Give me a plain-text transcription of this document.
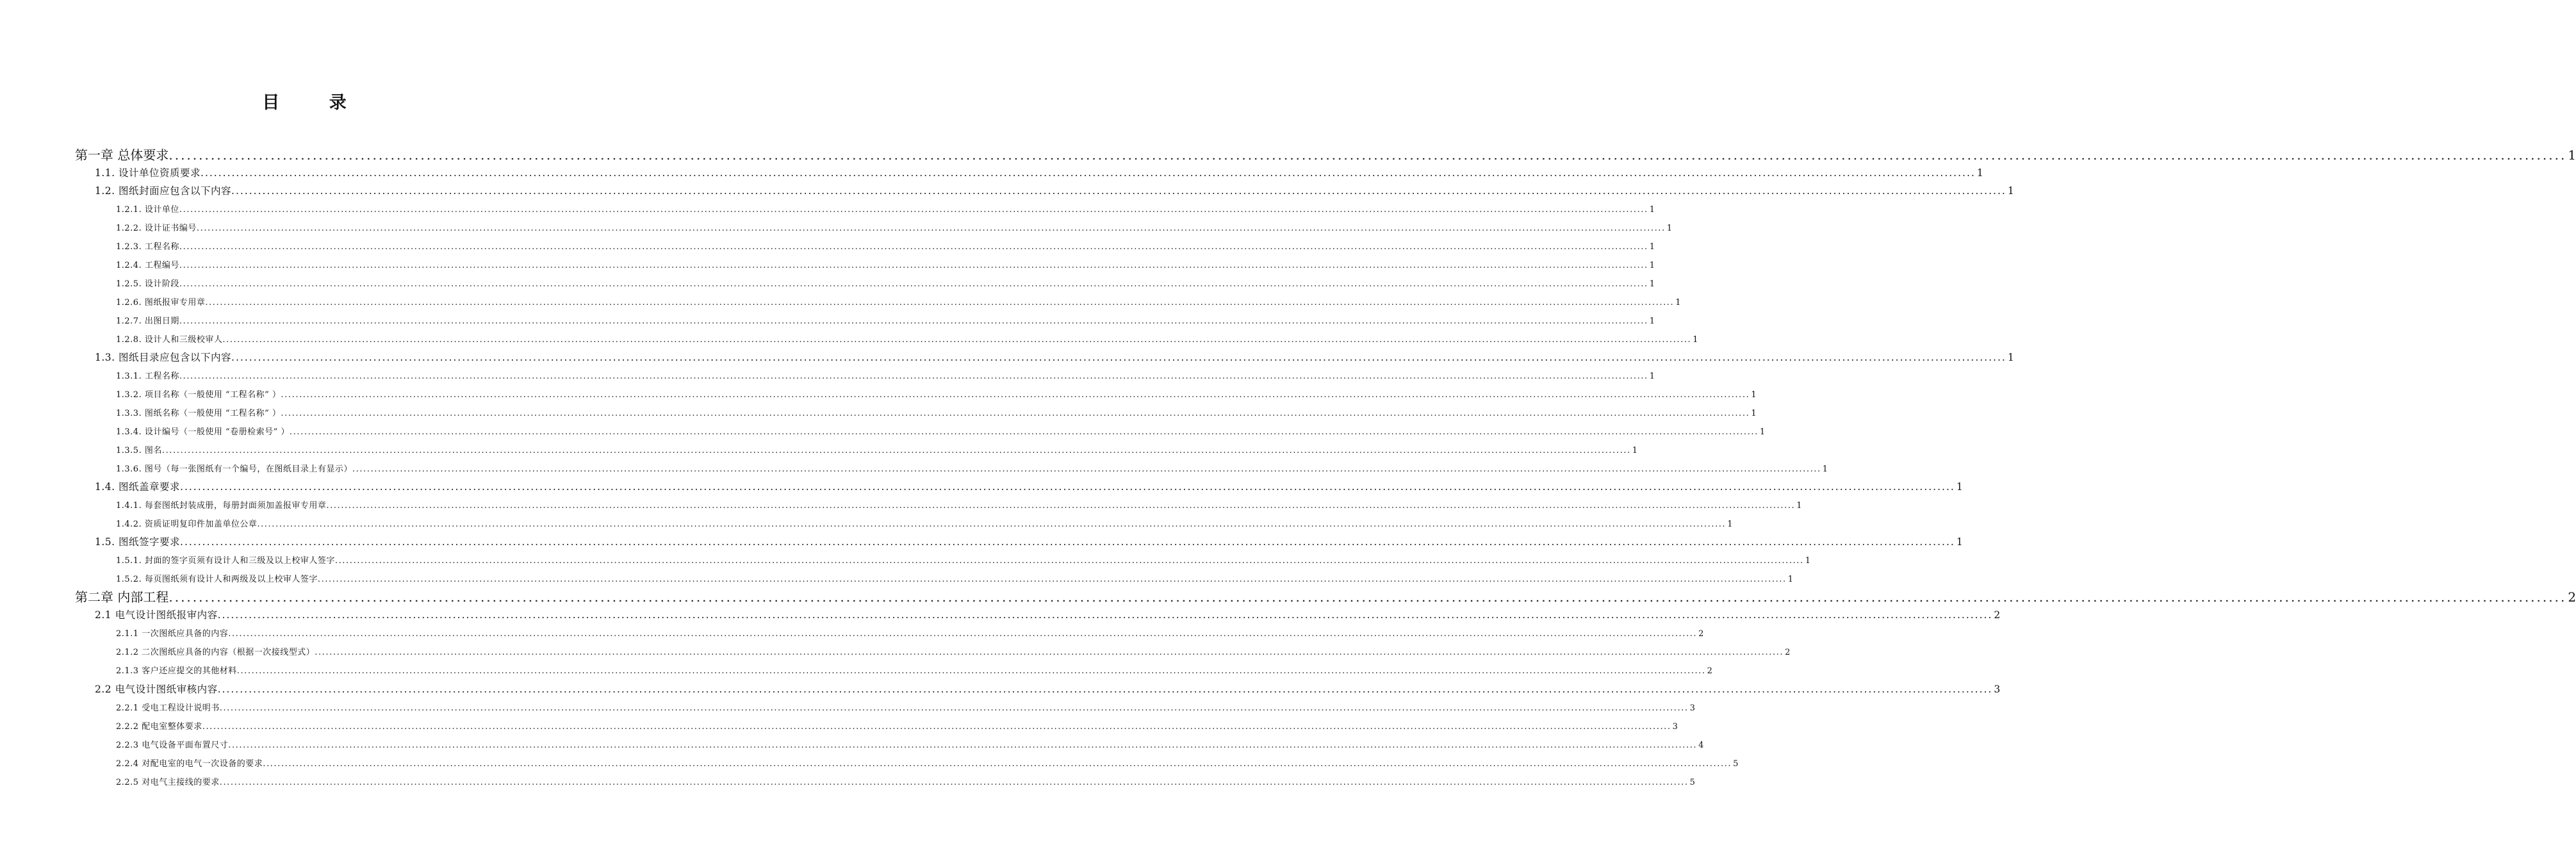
目 录
第一章 总体要求 ................................................................................................................................................................................................................................................................................................................................................................................................................ 1
1.1. 设计单位资质要求 ................................................................................................................................................................................................................................................................................................................................................................................................................ 1
1.2. 图纸封面应包含以下内容 ................................................................................................................................................................................................................................................................................................................................................................................................................ 1
1.2.1. 设计单位 ................................................................................................................................................................................................................................................................................................................................................................................................................ 1
1.2.2. 设计证书编号 ................................................................................................................................................................................................................................................................................................................................................................................................................ 1
1.2.3. 工程名称 ................................................................................................................................................................................................................................................................................................................................................................................................................ 1
1.2.4. 工程编号 ................................................................................................................................................................................................................................................................................................................................................................................................................ 1
1.2.5. 设计阶段 ................................................................................................................................................................................................................................................................................................................................................................................................................ 1
1.2.6. 图纸报审专用章 ................................................................................................................................................................................................................................................................................................................................................................................................................ 1
1.2.7. 出图日期 ................................................................................................................................................................................................................................................................................................................................................................................................................ 1
1.2.8. 设计人和三级校审人 ................................................................................................................................................................................................................................................................................................................................................................................................................ 1
1.3. 图纸目录应包含以下内容 ................................................................................................................................................................................................................................................................................................................................................................................................................ 1
1.3.1. 工程名称 ................................................................................................................................................................................................................................................................................................................................................................................................................ 1
1.3.2. 项目名称（一般使用 “工程名称” ） ................................................................................................................................................................................................................................................................................................................................................................................................................ 1
1.3.3. 图纸名称（一般使用 “工程名称” ） ................................................................................................................................................................................................................................................................................................................................................................................................................ 1
1.3.4. 设计编号（一般使用 “卷册检索号” ） ................................................................................................................................................................................................................................................................................................................................................................................................................ 1
1.3.5. 图名 ................................................................................................................................................................................................................................................................................................................................................................................................................ 1
1.3.6. 图号（每一张图纸有一个编号，在图纸目录上有显示） ................................................................................................................................................................................................................................................................................................................................................................................................................ 1
1.4. 图纸盖章要求 ................................................................................................................................................................................................................................................................................................................................................................................................................ 1
1.4.1. 每套图纸封装成册，每册封面须加盖报审专用章 ................................................................................................................................................................................................................................................................................................................................................................................................................ 1
1.4.2. 资质证明复印件加盖单位公章 ................................................................................................................................................................................................................................................................................................................................................................................................................ 1
1.5. 图纸签字要求 ................................................................................................................................................................................................................................................................................................................................................................................................................ 1
1.5.1. 封面的签字页须有设计人和三级及以上校审人签字 ................................................................................................................................................................................................................................................................................................................................................................................................................ 1
1.5.2. 每页图纸须有设计人和两级及以上校审人签字 ................................................................................................................................................................................................................................................................................................................................................................................................................ 1
第二章 内部工程 ................................................................................................................................................................................................................................................................................................................................................................................................................ 2
2.1 电气设计图纸报审内容 ................................................................................................................................................................................................................................................................................................................................................................................................................ 2
2.1.1 一次图纸应具备的内容 ................................................................................................................................................................................................................................................................................................................................................................................................................ 2
2.1.2 二次图纸应具备的内容（根据一次接线型式） ................................................................................................................................................................................................................................................................................................................................................................................................................ 2
2.1.3 客户还应提交的其他材料 ................................................................................................................................................................................................................................................................................................................................................................................................................ 2
2.2 电气设计图纸审核内容 ................................................................................................................................................................................................................................................................................................................................................................................................................ 3
2.2.1 受电工程设计说明书 ................................................................................................................................................................................................................................................................................................................................................................................................................ 3
2.2.2 配电室整体要求 ................................................................................................................................................................................................................................................................................................................................................................................................................ 3
2.2.3 电气设备平面布置尺寸 ................................................................................................................................................................................................................................................................................................................................................................................................................ 4
2.2.4 对配电室的电气一次设备的要求 ................................................................................................................................................................................................................................................................................................................................................................................................................ 5
2.2.5 对电气主接线的要求 ................................................................................................................................................................................................................................................................................................................................................................................................................ 5
